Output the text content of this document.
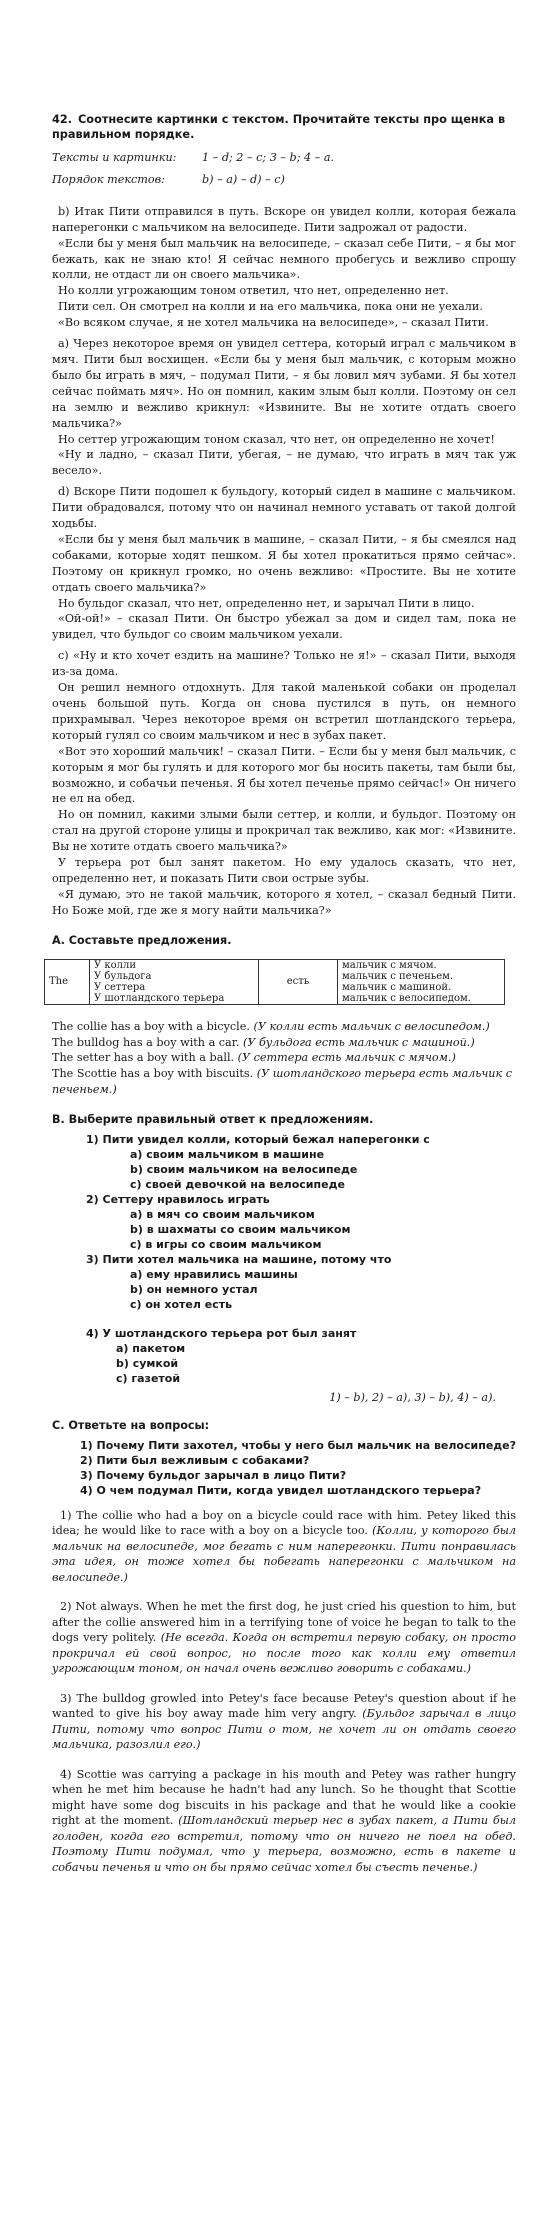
42. Соотнесите картинки с текстом. Прочитайте тексты про щенка в правильном порядке.
Тексты и картинки:	1 – d; 2 – c; 3 – b; 4 – a.
Порядок текстов:	b) – a) – d) – c)

b) Итак Пити отправился в путь. Вскоре он увидел колли, которая бежала наперегонки с мальчиком на велосипеде. Пити задрожал от радости.

«Если бы у меня был мальчик на велосипеде, – сказал себе Пити, – я бы мог бежать, как не знаю кто! Я сейчас немного пробегусь и вежливо спрошу колли, не отдаст ли он своего мальчика».

Но колли угрожающим тоном ответил, что нет, определенно нет.

Пити сел. Он смотрел на колли и на его мальчика, пока они не уехали.

«Во всяком случае, я не хотел мальчика на велосипеде», – сказал Пити.

a) Через некоторое время он увидел сеттера, который играл с мальчиком в мяч. Пити был восхищен. «Если бы у меня был мальчик, с которым можно было бы играть в мяч, – подумал Пити, – я бы ловил мяч зубами. Я бы хотел сейчас поймать мяч». Но он помнил, каким злым был колли. Поэтому он сел на землю и вежливо крикнул: «Извините. Вы не хотите отдать своего мальчика?»

Но сеттер угрожающим тоном сказал, что нет, он определенно не хочет!

«Ну и ладно, – сказал Пити, убегая, – не думаю, что играть в мяч так уж весело».

d) Вскоре Пити подошел к бульдогу, который сидел в машине с мальчиком. Пити обрадовался, потому что он начинал немного уставать от такой долгой ходьбы.

«Если бы у меня был мальчик в машине, – сказал Пити, – я бы смеялся над собаками, которые ходят пешком. Я бы хотел прокатиться прямо сейчас». Поэтому он крикнул громко, но очень вежливо: «Простите. Вы не хотите отдать своего мальчика?»

Но бульдог сказал, что нет, определенно нет, и зарычал Пити в лицо.

«Ой-ой!» – сказал Пити. Он быстро убежал за дом и сидел там, пока не увидел, что бульдог со своим мальчиком уехали.

c) «Ну и кто хочет ездить на машине? Только не я!» – сказал Пити, выходя из-за дома.

Он решил немного отдохнуть. Для такой маленькой собаки он проделал очень большой путь. Когда он снова пустился в путь, он немного прихрамывал. Через некоторое время он встретил шотландского терьера, который гулял со своим мальчиком и нес в зубах пакет.

«Вот это хороший мальчик! – сказал Пити. – Если бы у меня был мальчик, с которым я мог бы гулять и для которого мог бы носить пакеты, там были бы, возможно, и собачьи печенья. Я бы хотел печенье прямо сейчас!» Он ничего не ел на обед.

Но он помнил, какими злыми были сеттер, и колли, и бульдог. Поэтому он стал на другой стороне улицы и прокричал так вежливо, как мог: «Извините. Вы не хотите отдать своего мальчика?»

У терьера рот был занят пакетом. Но ему удалось сказать, что нет, определенно нет, и показать Пити свои острые зубы.

«Я думаю, это не такой мальчик, которого я хотел, – сказал бедный Пити. Но Боже мой, где же я могу найти мальчика?»

А. Составьте предложения.
The	У колли	есть	мальчик с мячом.
	У бульдога		мальчик с печеньем.
	У сеттера		мальчик с машиной.
	У шотландского терьера		мальчик с велосипедом.

The collie has a boy with a bicycle. (У колли есть мальчик с велосипедом.)

The bulldog has a boy with a car. (У бульдога есть мальчик с машиной.)

The setter has a boy with a ball. (У сеттера есть мальчик с мячом.)

The Scottie has a boy with biscuits. (У шотландского терьера есть мальчик с печеньем.)

В. Выберите правильный ответ к предложениям.
1) Пити увидел колли, который бежал наперегонки с
а) своим мальчиком в машине
b) своим мальчиком на велосипеде
с) своей девочкой на велосипеде
2) Сеттеру нравилось играть
а) в мяч со своим мальчиком
b) в шахматы со своим мальчиком
с) в игры со своим мальчиком
3) Пити хотел мальчика на машине, потому что
а) ему нравились машины
b) он немного устал
с) он хотел есть
4) У шотландского терьера рот был занят
а) пакетом
b) сумкой
с) газетой
1) – b), 2) – a), 3) – b), 4) – a).
С. Ответьте на вопросы:
1) Почему Пити захотел, чтобы у него был мальчик на велосипеде?
2) Пити был вежливым с собаками?
3) Почему бульдог зарычал в лицо Пити?
4) О чем подумал Пити, когда увидел шотландского терьера?

1) The collie who had a boy on a bicycle could race with him. Petey liked this idea; he would like to race with a boy on a bicycle too. (Колли, у которого был мальчик на велосипеде, мог бегать с ним наперегонки. Пити понравилась эта идея, он тоже хотел бы побегать наперегонки с мальчиком на велосипеде.)

2) Not always. When he met the first dog, he just cried his question to him, but after the collie answered him in a terrifying tone of voice he began to talk to the dogs very politely. (Не всегда. Когда он встретил первую собаку, он просто прокричал ей свой вопрос, но после того как колли ему ответил угрожающим тоном, он начал очень вежливо говорить с собаками.)

3) The bulldog growled into Petey's face because Petey's question about if he wanted to give his boy away made him very angry. (Бульдог зарычал в лицо Пити, потому что вопрос Пити о том, не хочет ли он отдать своего мальчика, разозлил его.)

4) Scottie was carrying a package in his mouth and Petey was rather hungry when he met him because he hadn't had any lunch. So he thought that Scottie might have some dog biscuits in his package and that he would like a cookie right at the moment. (Шотландский терьер нес в зубах пакет, а Пити был голоден, когда его встретил, потому что он ничего не поел на обед. Поэтому Пити подумал, что у терьера, возможно, есть в пакете и собачьи печенья и что он бы прямо сейчас хотел бы съесть печенье.)
